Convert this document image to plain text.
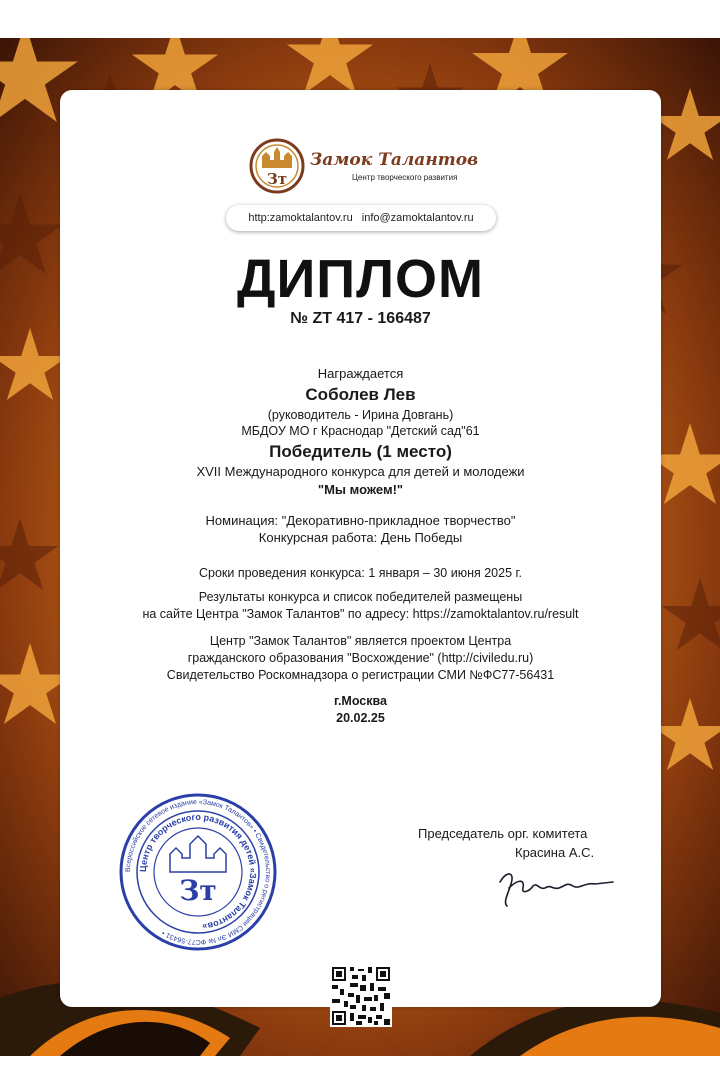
Зт
Замок Талантов
Центр творческого развития
http:zamoktalantov.ru info@zamoktalantov.ru
ДИПЛОМ
№ ZT 417 - 166487
Награждается
Соболев Лев
(руководитель - Ирина Довгань)
МБДОУ МО г Краснодар "Детский сад"61
Победитель (1 место)
XVII Международного конкурса для детей и молодежи
"Мы можем!"
Номинация: "Декоративно-прикладное творчество"
Конкурсная работа: День Победы
Сроки проведения конкурса: 1 января – 30 июня 2025 г.
Результаты конкурса и список победителей размещены
на сайте Центра "Замок Талантов" по адресу: https://zamoktalantov.ru/result
Центр "Замок Талантов" является проектом Центра
гражданского образования "Восхождение" (http://civiledu.ru)
Свидетельство Роскомнадзора о регистрации СМИ №ФС77-56431
г.Москва
20.02.25
Всероссийское сетевое издание «Замок Талантов» • Свидетельство о регистрации СМИ Эл № ФС77-56431 •
Центр творческого развития детей «Замок Талантов»
Зт
Председатель орг. комитета
Красина А.С.
